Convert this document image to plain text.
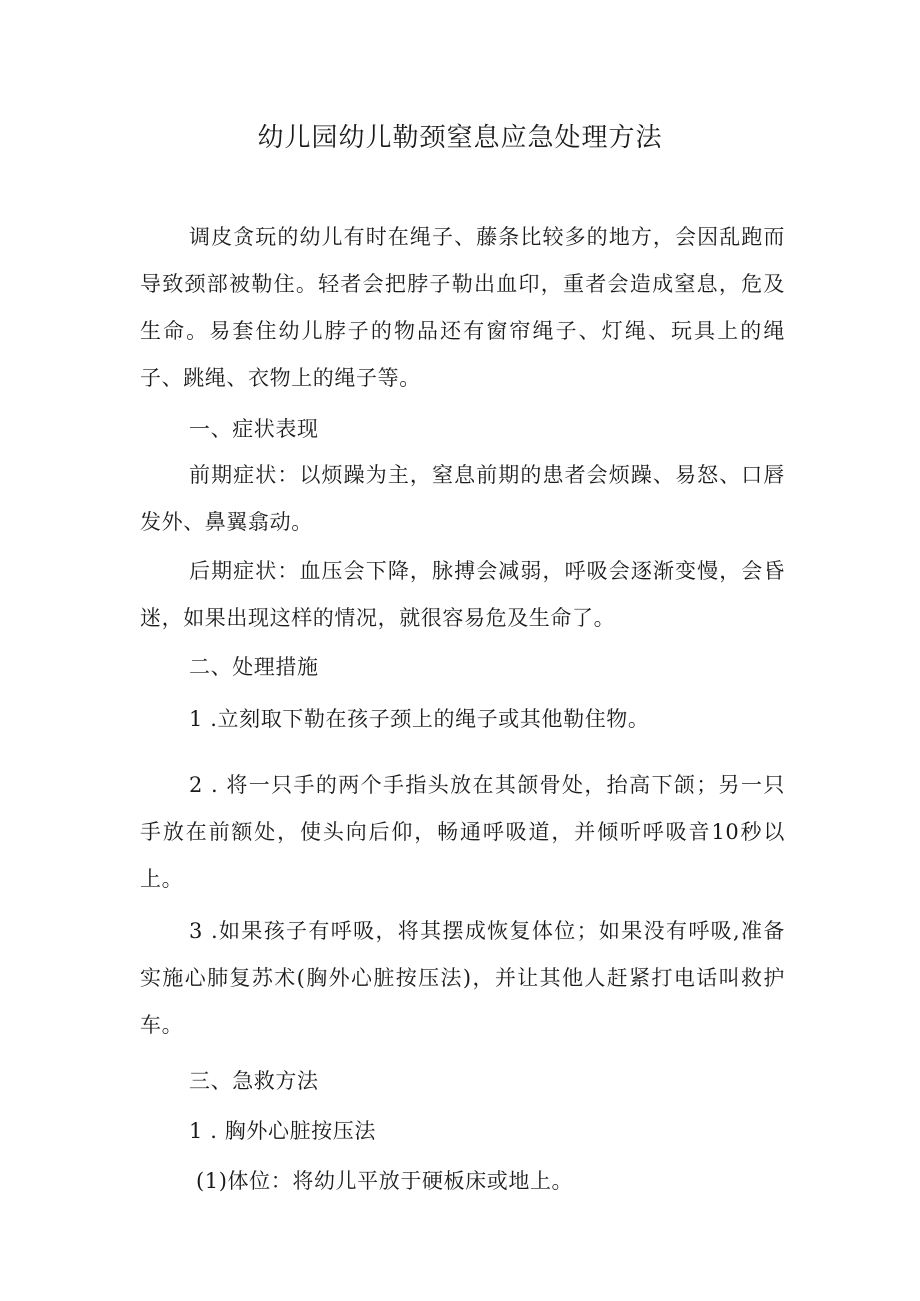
幼儿园幼儿勒颈窒息应急处理方法
调皮贪玩的幼儿有时在绳子、藤条比较多的地方，会因乱跑而导致颈部被勒住。轻者会把脖子勒出血印，重者会造成窒息，危及生命。易套住幼儿脖子的物品还有窗帘绳子、灯绳、玩具上的绳子、跳绳、衣物上的绳子等。
一、症状表现
前期症状：以烦躁为主，窒息前期的患者会烦躁、易怒、口唇发外、鼻翼翕动。
后期症状：血压会下降，脉搏会减弱，呼吸会逐渐变慢，会昏迷，如果出现这样的情况，就很容易危及生命了。
二、处理措施
1 .立刻取下勒在孩子颈上的绳子或其他勒住物。
2 . 将一只手的两个手指头放在其颌骨处，抬高下颌；另一只手放在前额处，使头向后仰，畅通呼吸道，并倾听呼吸音10秒以上。
3 .如果孩子有呼吸，将其摆成恢复体位；如果没有呼吸,准备实施心肺复苏术(胸外心脏按压法)，并让其他人赶紧打电话叫救护车。
三、急救方法
1 . 胸外心脏按压法
(1)体位：将幼儿平放于硬板床或地上。
